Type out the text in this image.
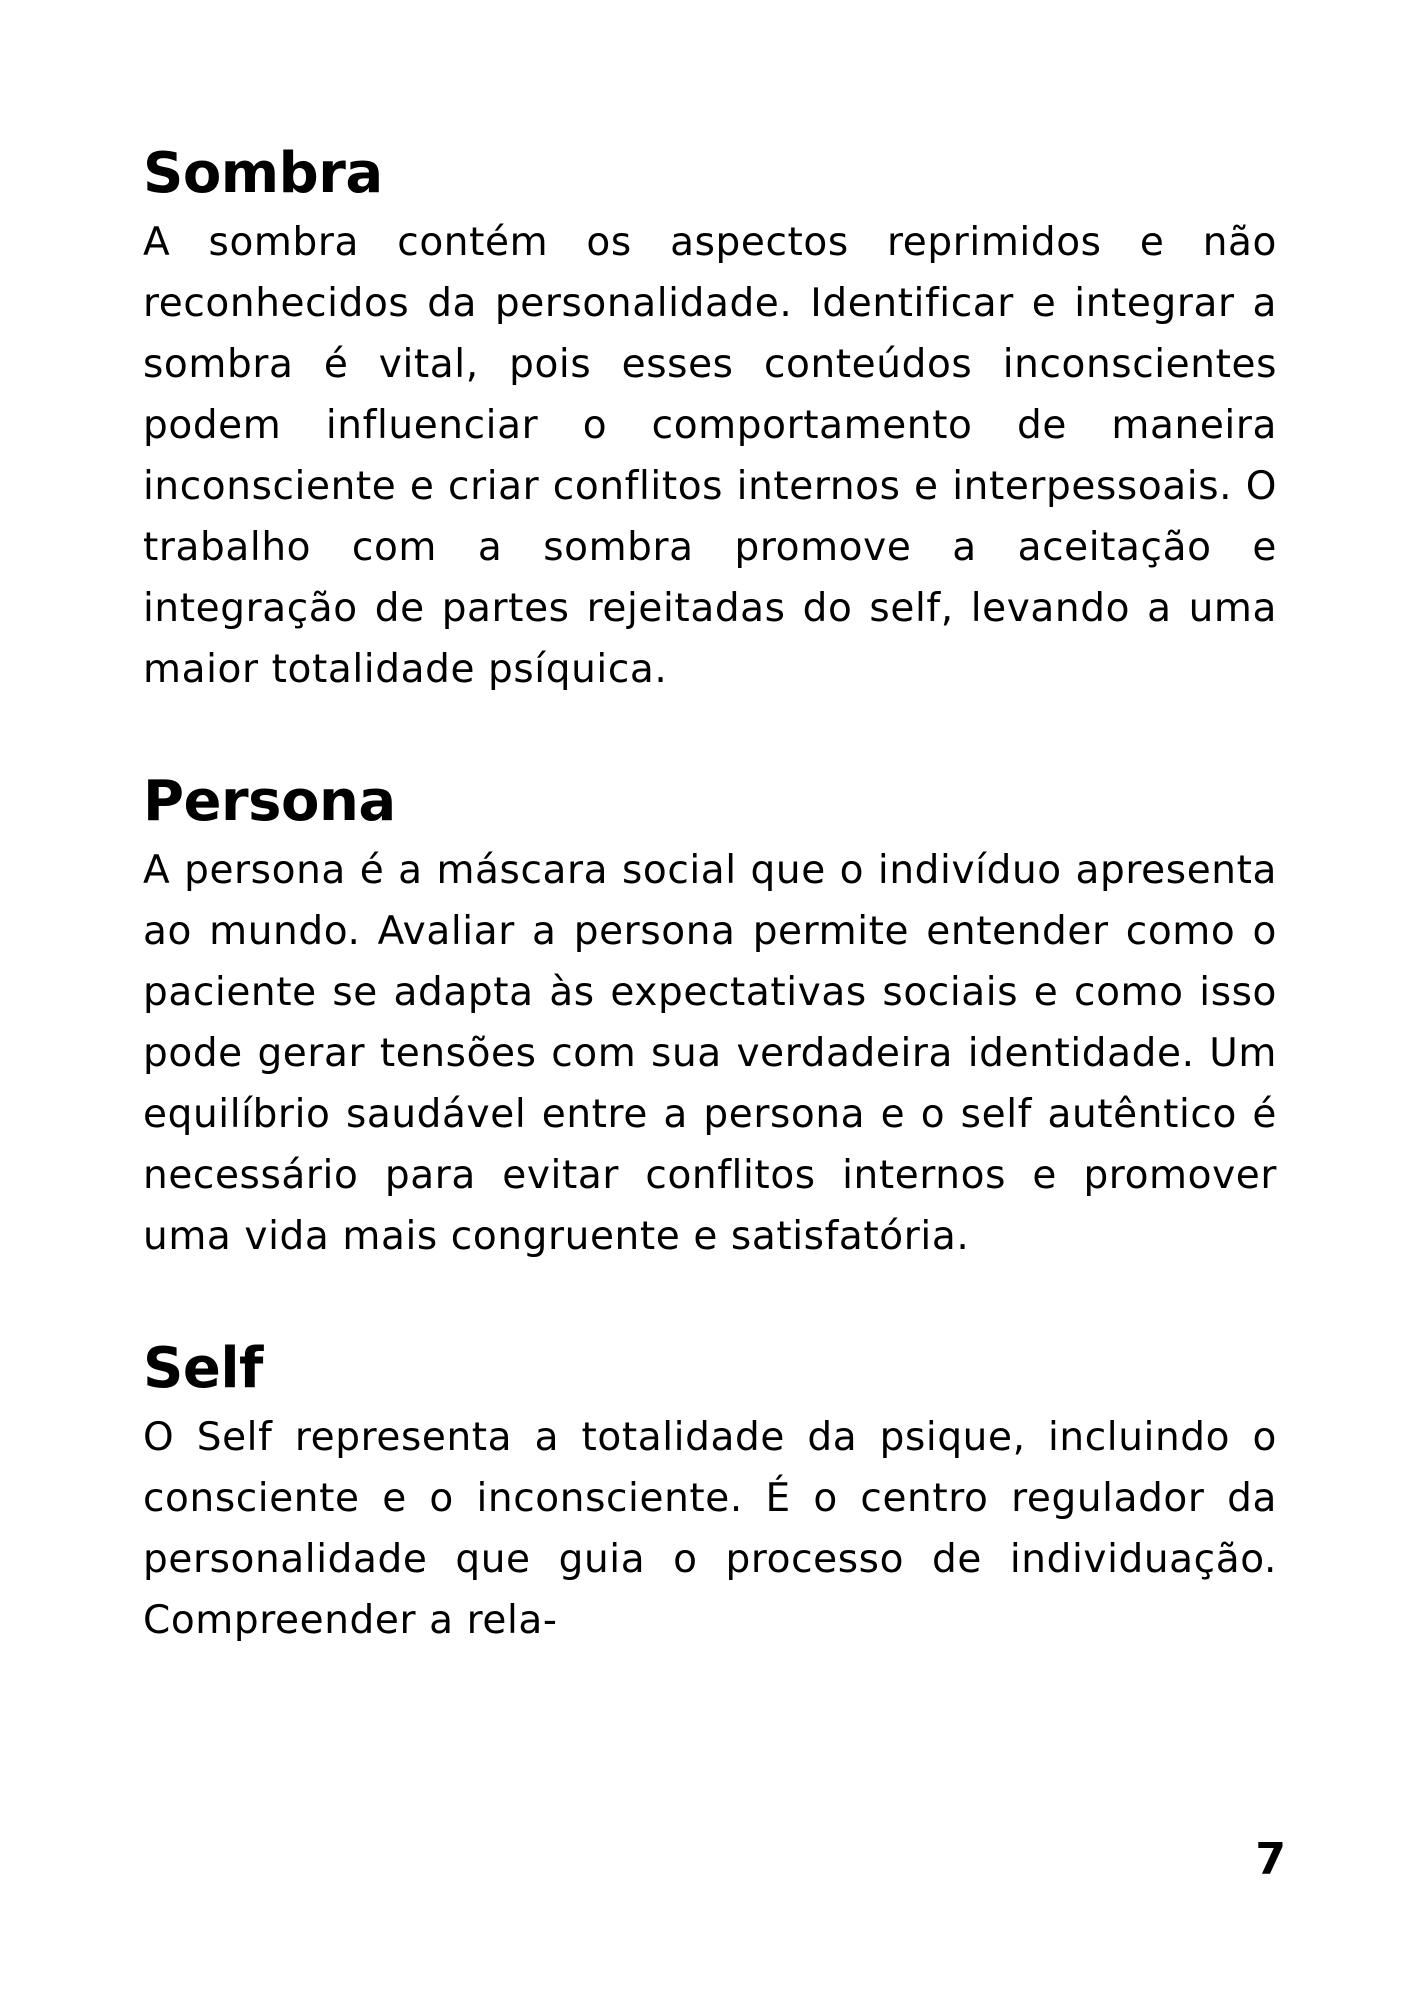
Sombra

A sombra contém os aspectos reprimidos e não reconhecidos da personalidade. Identificar e integrar a sombra é vital, pois esses conteúdos inconscientes podem influenciar o comportamento de maneira inconsciente e criar conflitos internos e interpessoais. O trabalho com a sombra promove a aceitação e integração de partes rejeitadas do self, levando a uma maior totalidade psíquica.

Persona

A persona é a máscara social que o indivíduo apresenta ao mundo. Avaliar a persona permite entender como o paciente se adapta às expectativas sociais e como isso pode gerar tensões com sua verdadeira identidade. Um equilíbrio saudável entre a persona e o self autêntico é necessário para evitar conflitos internos e promover uma vida mais congruente e satisfatória.

Self

O Self representa a totalidade da psique, incluindo o consciente e o inconsciente. É o centro regulador da personalidade que guia o processo de individuação. Compreender a rela-

7
